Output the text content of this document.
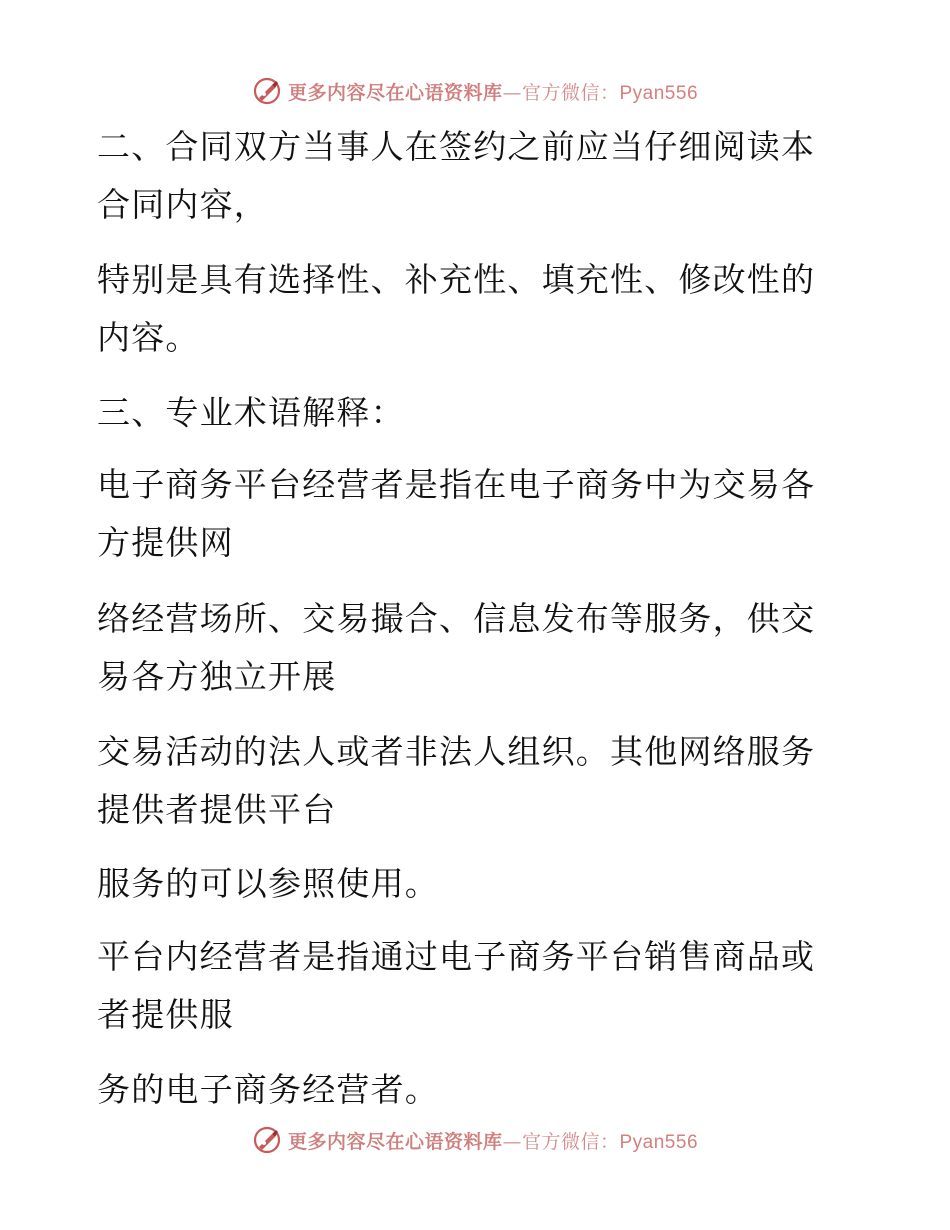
更多内容尽在心语资料库—官方微信：Pyan556
二、合同双方当事人在签约之前应当仔细阅读本
合同内容，
特别是具有选择性、补充性、填充性、修改性的
内容。
三、专业术语解释：
电子商务平台经营者是指在电子商务中为交易各
方提供网
络经营场所、交易撮合、信息发布等服务，供交
易各方独立开展
交易活动的法人或者非法人组织。其他网络服务
提供者提供平台
服务的可以参照使用。
平台内经营者是指通过电子商务平台销售商品或
者提供服
务的电子商务经营者。
更多内容尽在心语资料库—官方微信：Pyan556
